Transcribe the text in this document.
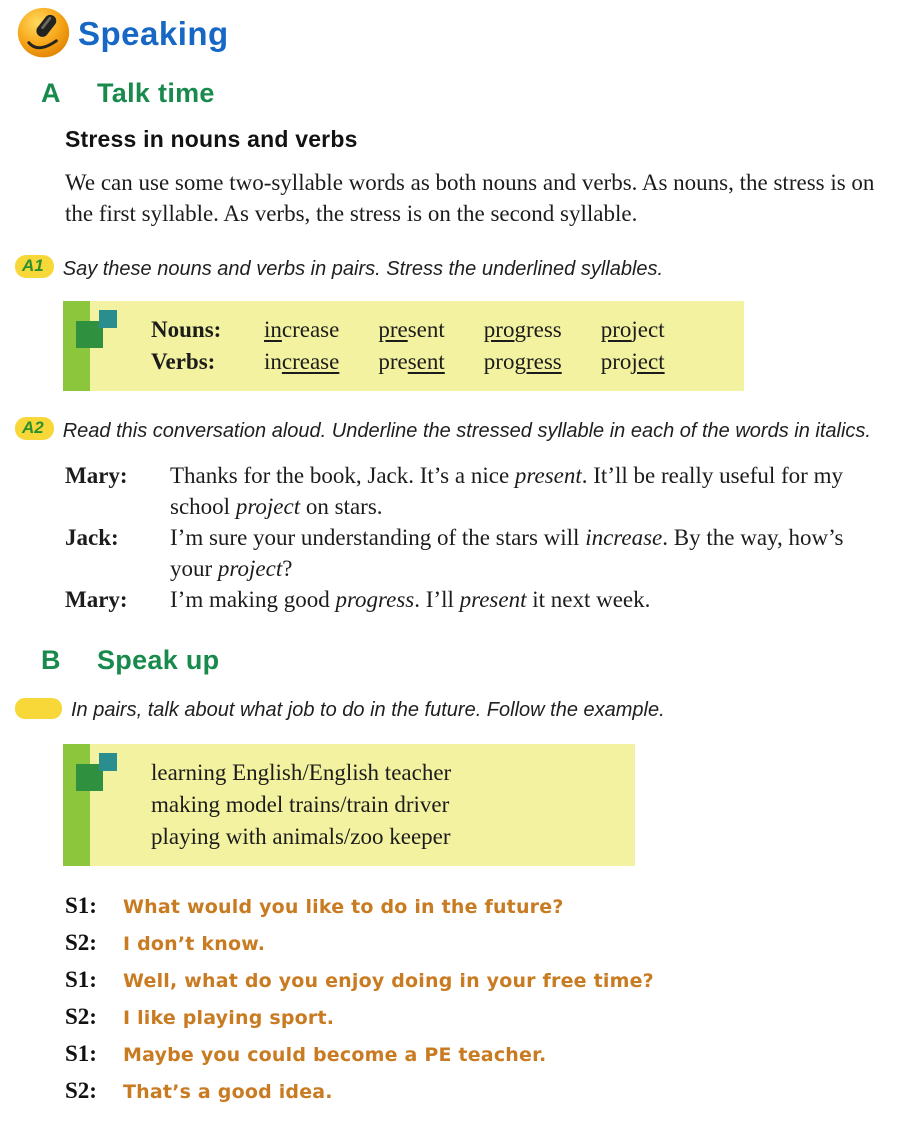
Speaking
A	Talk time
Stress in nouns and verbs

We can use some two-syllable words as both nouns and verbs. As nouns, the stress is on the first syllable. As verbs, the stress is on the second syllable.

A1 Say these nouns and verbs in pairs. Stress the underlined syllables.

Nouns: increase present progress project
Verbs:	increase present progress project
A2 Read this conversation aloud. Underline the stressed syllable in each of the words in italics.

Mary:	Thanks for the book, Jack. It’s a nice present. It’ll be really useful for my school project on stars.
Jack:	I’m sure your understanding of the stars will increase. By the way, how’s your project?
Mary:	I’m making good progress. I’ll present it next week.
B	Speak up

In pairs, talk about what job to do in the future. Follow the example.

learning English/English teacher
making model trains/train driver
playing with animals/zoo keeper
S1:	What would you like to do in the future?
S2:	I don’t know.
S1:	Well, what do you enjoy doing in your free time?
S2:	I like playing sport.
S1:	Maybe you could become a PE teacher.
S2:	That’s a good idea.
